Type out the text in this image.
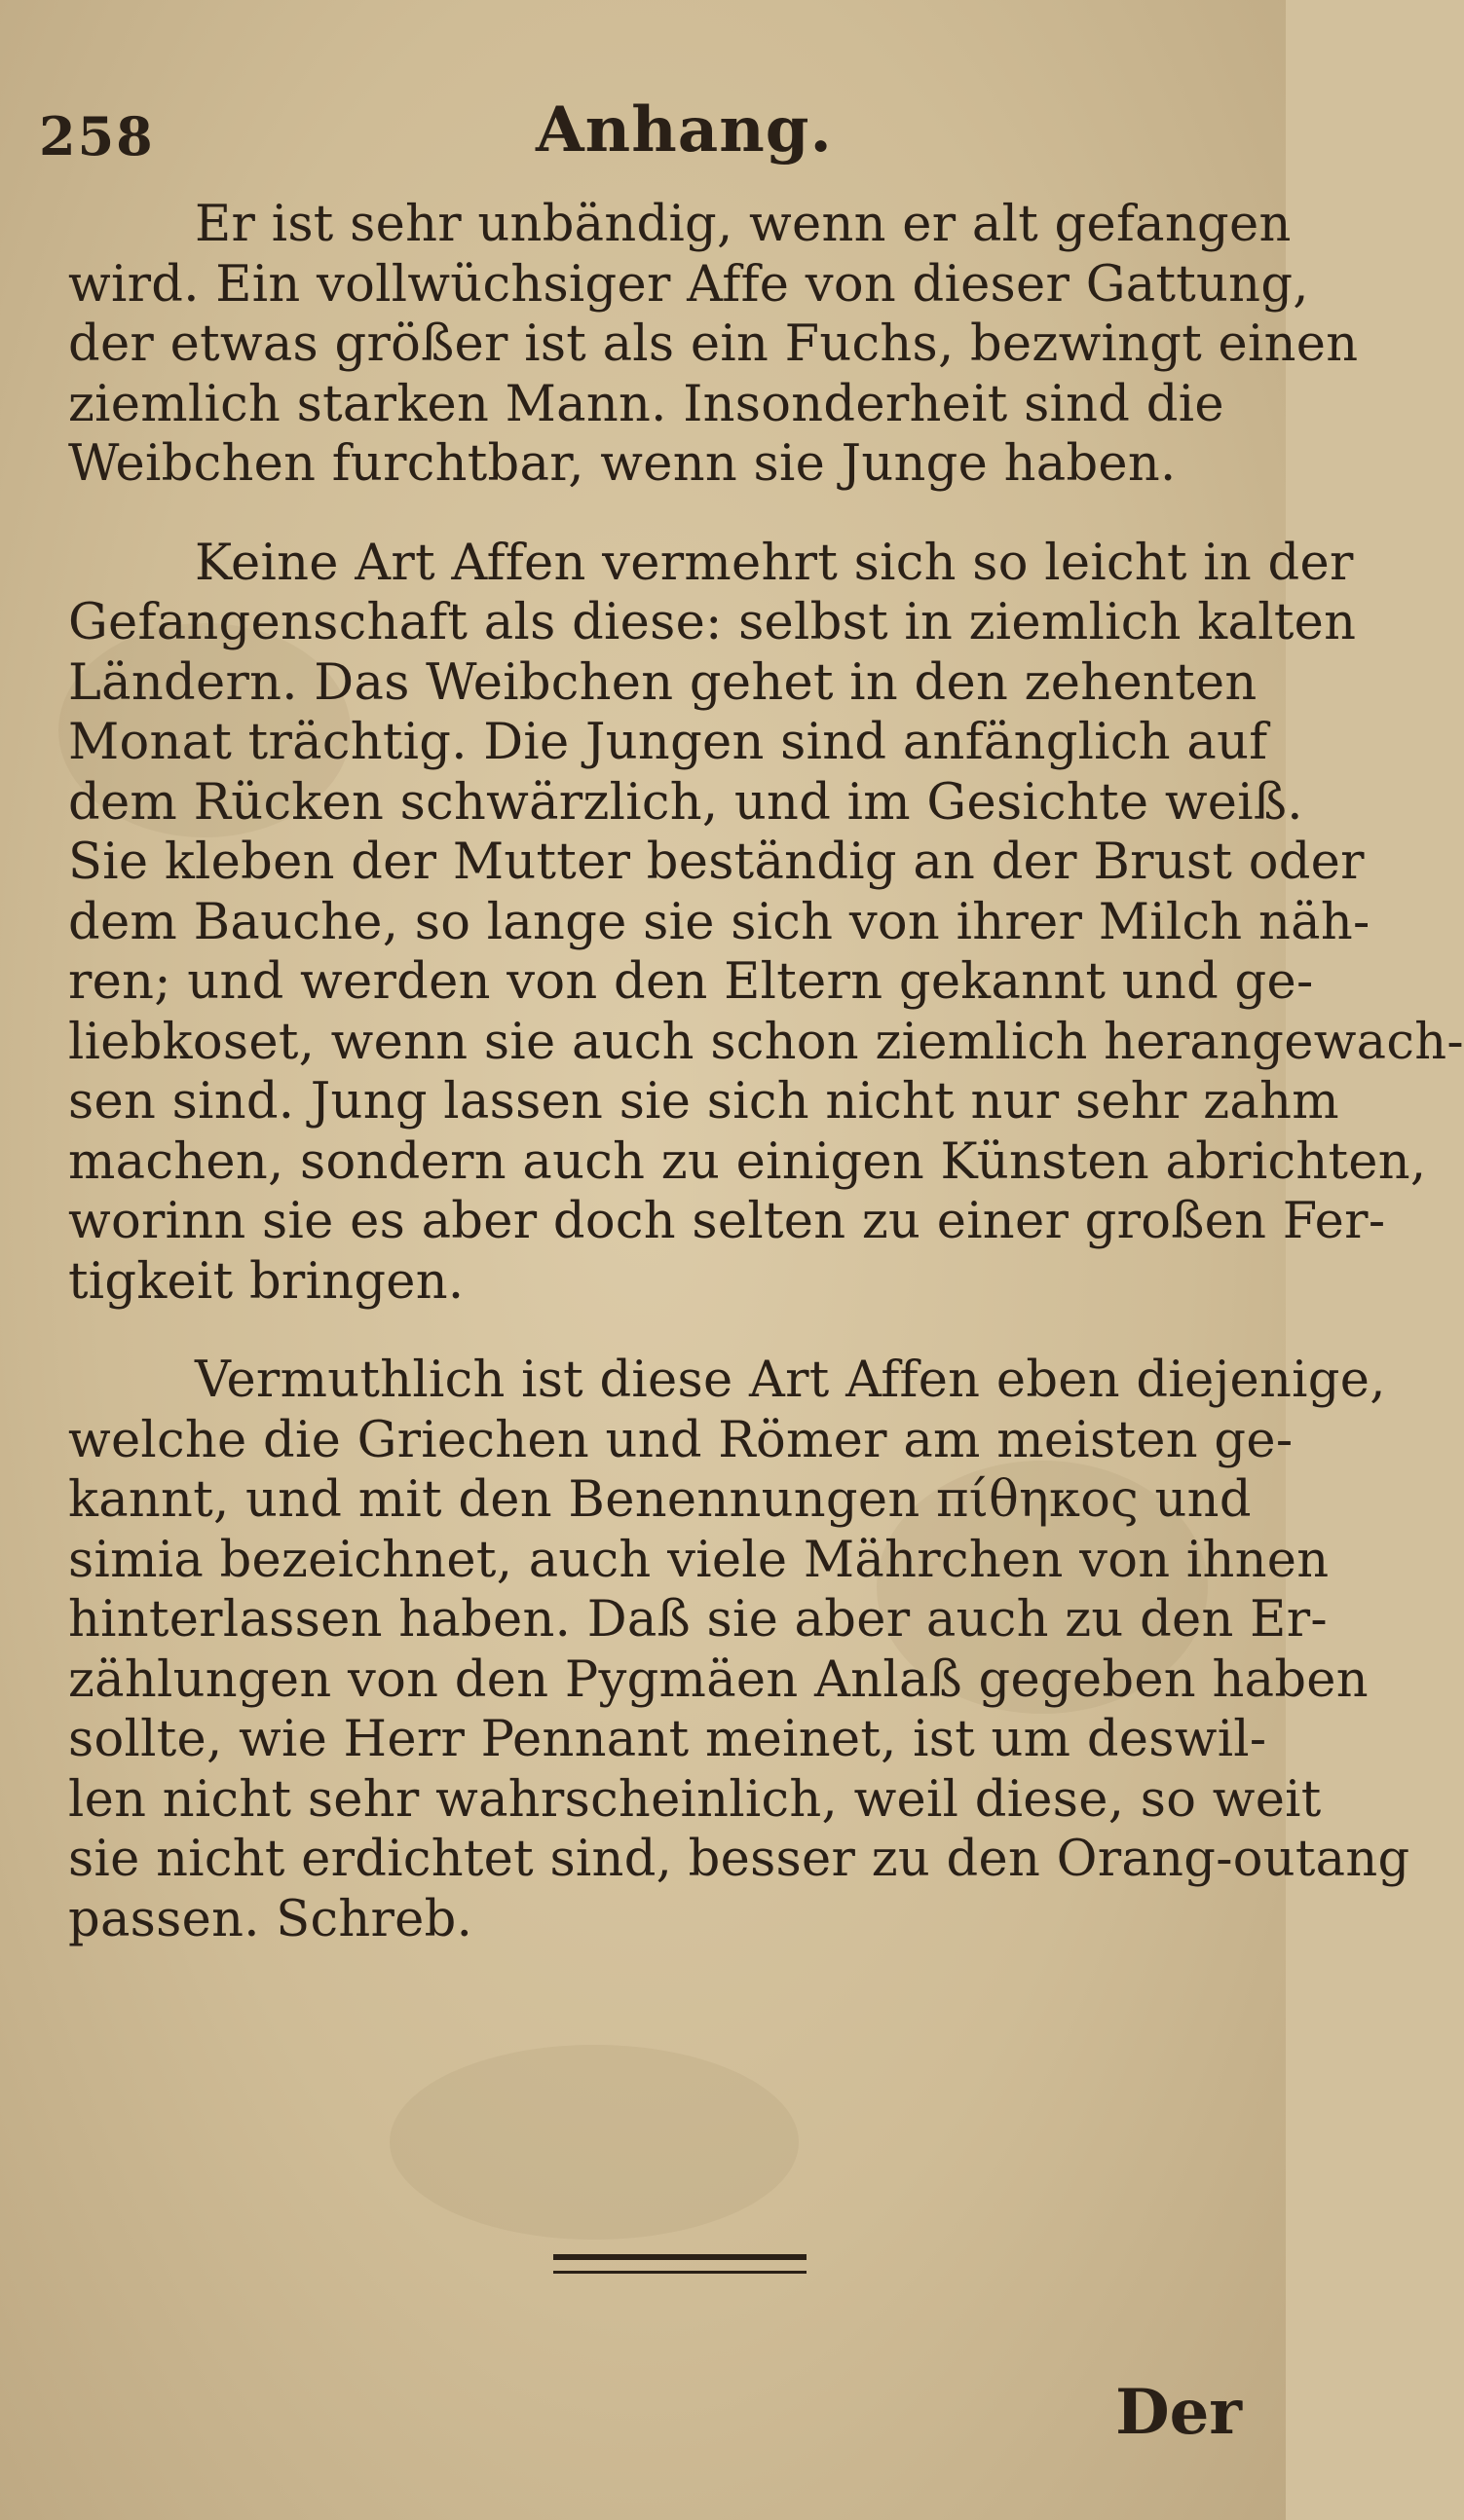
258	Anhang.

Er ist sehr unbändig, wenn er alt gefangen
wird. Ein vollwüchsiger Affe von dieser Gattung,
der etwas größer ist als ein Fuchs, bezwingt einen
ziemlich starken Mann. Insonderheit sind die
Weibchen furchtbar, wenn sie Junge haben.

Keine Art Affen vermehrt sich so leicht in der
Gefangenschaft als diese: selbst in ziemlich kalten
Ländern. Das Weibchen gehet in den zehenten
Monat trächtig. Die Jungen sind anfänglich auf
dem Rücken schwärzlich, und im Gesichte weiß.
Sie kleben der Mutter beständig an der Brust oder
dem Bauche, so lange sie sich von ihrer Milch näh-
ren; und werden von den Eltern gekannt und ge-
liebkoset, wenn sie auch schon ziemlich herangewach-
sen sind. Jung lassen sie sich nicht nur sehr zahm
machen, sondern auch zu einigen Künsten abrichten,
worinn sie es aber doch selten zu einer großen Fer-
tigkeit bringen.

Vermuthlich ist diese Art Affen eben diejenige,
welche die Griechen und Römer am meisten ge-
kannt, und mit den Benennungen πίθηκος und
simia bezeichnet, auch viele Mährchen von ihnen
hinterlassen haben. Daß sie aber auch zu den Er-
zählungen von den Pygmäen Anlaß gegeben haben
sollte, wie Herr Pennant meinet, ist um deswil-
len nicht sehr wahrscheinlich, weil diese, so weit
sie nicht erdichtet sind, besser zu den Orang-outang
passen. Schreb.

Der
